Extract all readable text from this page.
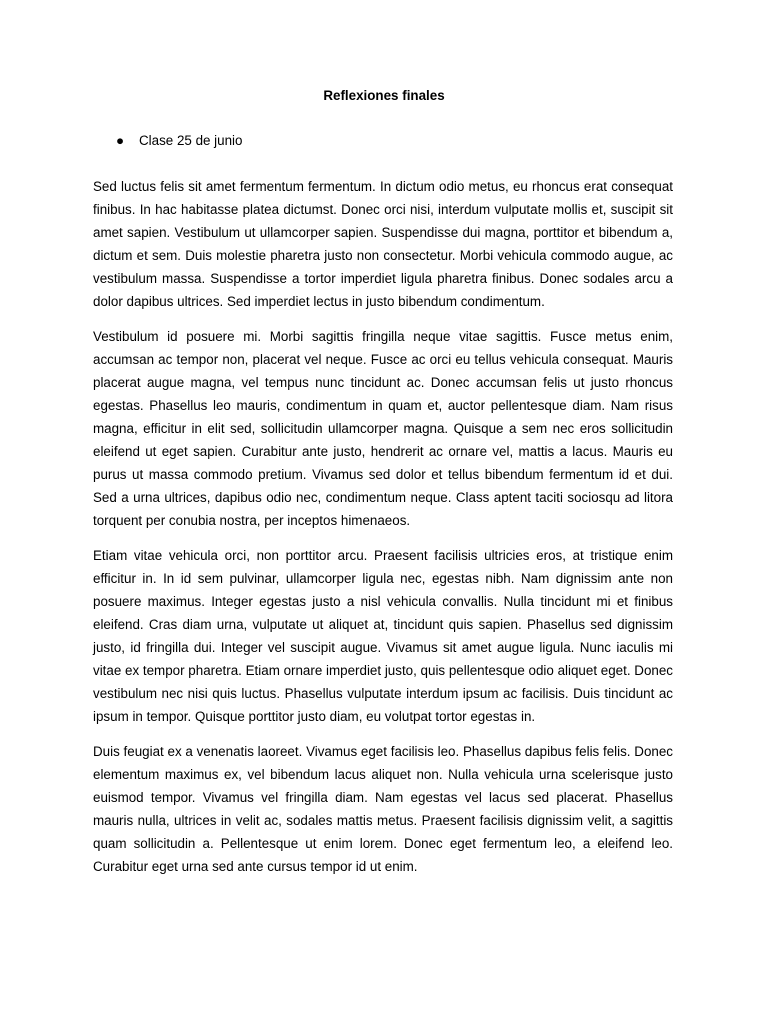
Reflexiones finales
● Clase 25 de junio

Sed luctus felis sit amet fermentum fermentum. In dictum odio metus, eu rhoncus erat consequat finibus. In hac habitasse platea dictumst. Donec orci nisi, interdum vulputate mollis et, suscipit sit amet sapien. Vestibulum ut ullamcorper sapien. Suspendisse dui magna, porttitor et bibendum a, dictum et sem. Duis molestie pharetra justo non consectetur. Morbi vehicula commodo augue, ac vestibulum massa. Suspendisse a tortor imperdiet ligula pharetra finibus. Donec sodales arcu a dolor dapibus ultrices. Sed imperdiet lectus in justo bibendum condimentum.

Vestibulum id posuere mi. Morbi sagittis fringilla neque vitae sagittis. Fusce metus enim, accumsan ac tempor non, placerat vel neque. Fusce ac orci eu tellus vehicula consequat. Mauris placerat augue magna, vel tempus nunc tincidunt ac. Donec accumsan felis ut justo rhoncus egestas. Phasellus leo mauris, condimentum in quam et, auctor pellentesque diam. Nam risus magna, efficitur in elit sed, sollicitudin ullamcorper magna. Quisque a sem nec eros sollicitudin eleifend ut eget sapien. Curabitur ante justo, hendrerit ac ornare vel, mattis a lacus. Mauris eu purus ut massa commodo pretium. Vivamus sed dolor et tellus bibendum fermentum id et dui. Sed a urna ultrices, dapibus odio nec, condimentum neque. Class aptent taciti sociosqu ad litora torquent per conubia nostra, per inceptos himenaeos.

Etiam vitae vehicula orci, non porttitor arcu. Praesent facilisis ultricies eros, at tristique enim efficitur in. In id sem pulvinar, ullamcorper ligula nec, egestas nibh. Nam dignissim ante non posuere maximus. Integer egestas justo a nisl vehicula convallis. Nulla tincidunt mi et finibus eleifend. Cras diam urna, vulputate ut aliquet at, tincidunt quis sapien. Phasellus sed dignissim justo, id fringilla dui. Integer vel suscipit augue. Vivamus sit amet augue ligula. Nunc iaculis mi vitae ex tempor pharetra. Etiam ornare imperdiet justo, quis pellentesque odio aliquet eget. Donec vestibulum nec nisi quis luctus. Phasellus vulputate interdum ipsum ac facilisis. Duis tincidunt ac ipsum in tempor. Quisque porttitor justo diam, eu volutpat tortor egestas in.

Duis feugiat ex a venenatis laoreet. Vivamus eget facilisis leo. Phasellus dapibus felis felis. Donec elementum maximus ex, vel bibendum lacus aliquet non. Nulla vehicula urna scelerisque justo euismod tempor. Vivamus vel fringilla diam. Nam egestas vel lacus sed placerat. Phasellus mauris nulla, ultrices in velit ac, sodales mattis metus. Praesent facilisis dignissim velit, a sagittis quam sollicitudin a. Pellentesque ut enim lorem. Donec eget fermentum leo, a eleifend leo. Curabitur eget urna sed ante cursus tempor id ut enim.
